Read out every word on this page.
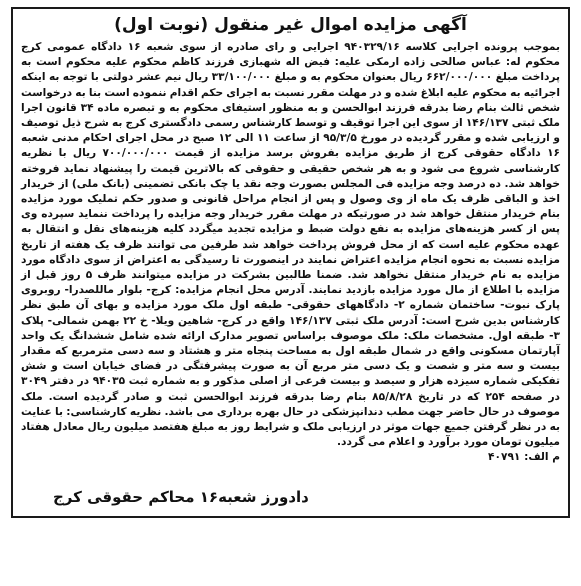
آگهی مزایده اموال غیر منقول (نوبت اول)

بموجب پرونده اجرایی کلاسه ۹۴۰۳۲۹/۱۶ اجرایی و رای صادره از سوی شعبه ۱۶ دادگاه عمومی کرج محکوم له: عباس صالحی زاده ارمکی علیه: فیض اله شهبازی فرزند کاظم محکوم علیه محکوم است به پرداخت مبلغ ۶۶۲/۰۰۰/۰۰۰ ریال بعنوان محکوم به و مبلغ ۳۳/۱۰۰/۰۰۰ ریال نیم عشر دولتی با توجه به اینکه اجرائیه به محکوم علیه ابلاغ شده و در مهلت مقرر نسبت به اجرای حکم اقدام ننموده است بنا به درخواست شخص ثالث بنام رضا بدرقه فرزند ابوالحسن و به منظور استیفای محکوم به و تبصره ماده ۳۴ قانون اجرا ملک ثبتی ۱۴۶/۱۳۷ از سوی این اجرا توقیف و توسط کارشناس رسمی دادگستری کرج به شرح ذیل توصیف و ارزیابی شده و مقرر گردیده در مورخ ۹۵/۳/۵ از ساعت ۱۱ الی ۱۲ صبح در محل اجرای احکام مدنی شعبه ۱۶ دادگاه حقوقی کرج از طریق مزایده بفروش برسد مزایده از قیمت ۷۰۰/۰۰۰/۰۰۰ ریال با نظریه کارشناسی شروع می شود و به هر شخص حقیقی و حقوقی که بالاترین قیمت را پیشنهاد نماید فروخته خواهد شد. ده درصد وجه مزایده فی المجلس بصورت وجه نقد یا چک بانکی تضمینی (بانک ملی) از خریدار اخذ و الباقی ظرف یک ماه از وی وصول و پس از انجام مراحل قانونی و صدور حکم تملیک مورد مزایده بنام خریدار منتقل خواهد شد در صورتیکه در مهلت مقرر خریدار وجه مزایده را پرداخت ننماید سپرده وی پس از کسر هزینه‌های مزایده به نفع دولت ضبط و مزایده تجدید میگردد کلیه هزینه‌های نقل و انتقال به عهده محکوم علیه است که از محل فروش پرداخت خواهد شد طرفین می توانند ظرف یک هفته از تاریخ مزایده نسبت به نحوه انجام مزایده اعتراض نمایند در اینصورت تا رسیدگی به اعتراض از سوی دادگاه مورد مزایده به نام خریدار منتقل نخواهد شد. ضمنا طالبین بشرکت در مزایده میتوانند ظرف ۵ روز قبل از مزایده با اطلاع از مال مورد مزایده بازدید نمایند. آدرس محل انجام مزایده: کرج- بلوار ماللصدرا- روبروی پارک نبوت- ساختمان شماره ۲- دادگاههای حقوقی- طبقه اول ملک مورد مزایده و بهای آن طبق نظر کارشناس بدین شرح است: آدرس ملک ثبتی ۱۴۶/۱۳۷ واقع در کرج- شاهین ویلا- خ ۲۲ بهمن شمالی- پلاک ۳- طبقه اول. مشخصات ملک: ملک موصوف براساس تصویر مدارک ارائه شده شامل ششدانگ یک واحد آپارتمان مسکونی واقع در شمال طبقه اول به مساحت پنجاه متر و هشتاد و سه دسی مترمربع که مقدار بیست و سه متر و شصت و یک دسی متر مربع آن به صورت پیشرفتگی در فضای خیابان است و شش تفکیکی شماره سیزده هزار و سیصد و بیست فرعی از اصلی مذکور و به شماره ثبت ۹۴۰۳۵ در دفتر ۳۰۴۹ در صفحه ۲۵۴ که در تاریخ ۸۵/۸/۲۸ بنام رضا بدرقه فرزند ابوالحسن ثبت و صادر گردیده است. ملک موصوف در حال حاضر جهت مطب دندانپزشکی در حال بهره برداری می باشد. نظریه کارشناسی: با عنایت به در نظر گرفتن جمیع جهات موثر در ارزیابی ملک و شرایط روز به مبلغ هفتصد میلیون ریال معادل هفتاد میلیون تومان مورد برآورد و اعلام می گردد.

م الف: ۴۰۷۹۱

دادورز شعبه۱۶ محاکم حقوقی کرج
